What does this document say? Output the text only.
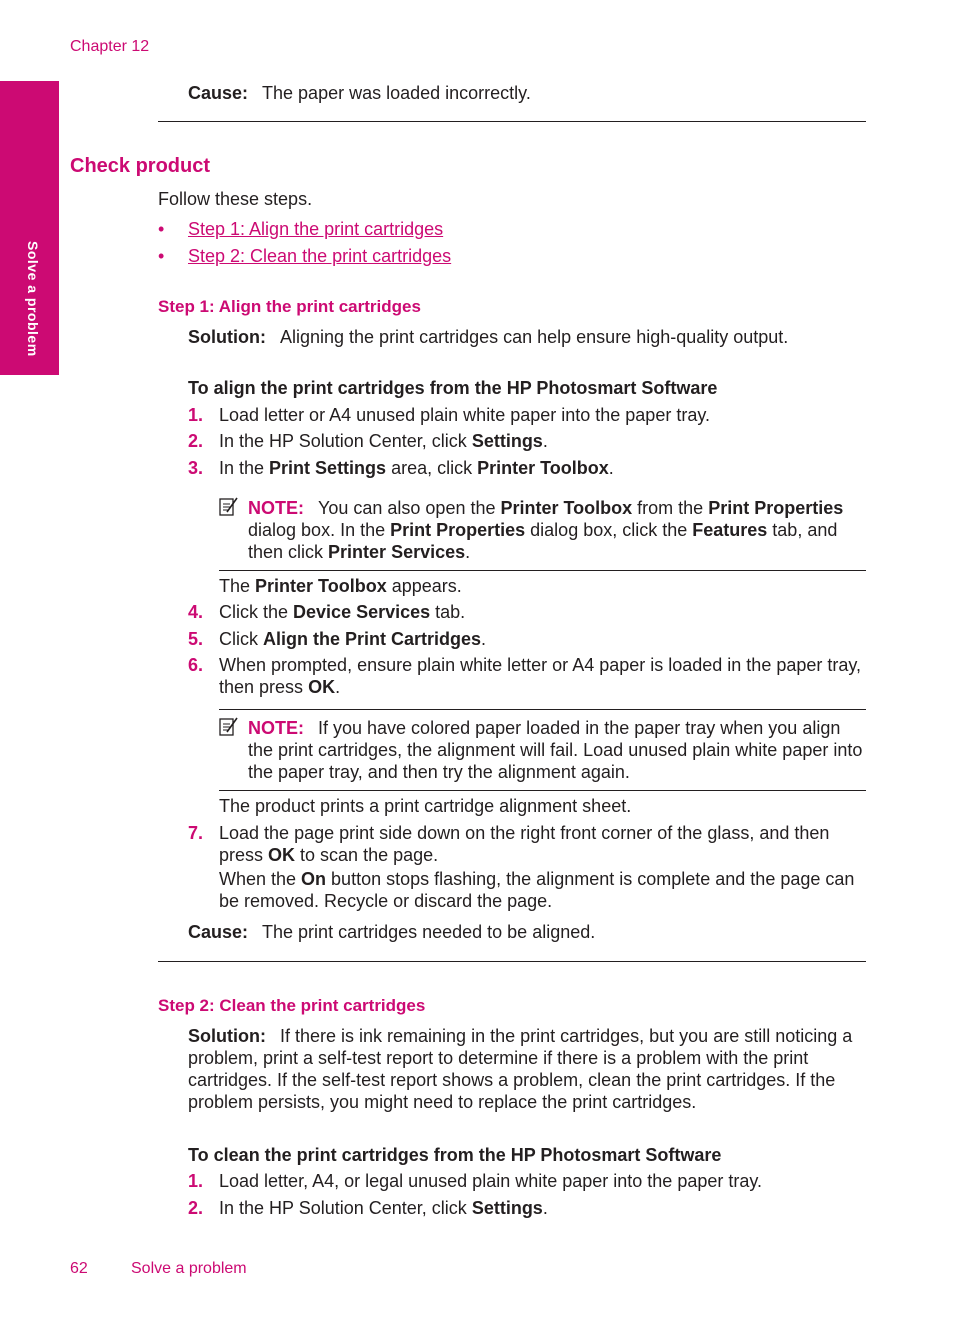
Chapter 12
Solve a problem
Cause: The paper was loaded incorrectly.
Check product
Follow these steps.
• Step 1: Align the print cartridges
• Step 2: Clean the print cartridges
Step 1: Align the print cartridges
Solution: Aligning the print cartridges can help ensure high-quality output.
To align the print cartridges from the HP Photosmart Software
1. Load letter or A4 unused plain white paper into the paper tray.
2. In the HP Solution Center, click Settings.
3. In the Print Settings area, click Printer Toolbox.
NOTE: You can also open the Printer Toolbox from the Print Properties dialog box. In the Print Properties dialog box, click the Features tab, and then click Printer Services.
The Printer Toolbox appears.
4. Click the Device Services tab.
5. Click Align the Print Cartridges.
6. When prompted, ensure plain white letter or A4 paper is loaded in the paper tray, then press OK.
NOTE: If you have colored paper loaded in the paper tray when you align the print cartridges, the alignment will fail. Load unused plain white paper into the paper tray, and then try the alignment again.
The product prints a print cartridge alignment sheet.
7. Load the page print side down on the right front corner of the glass, and then press OK to scan the page.
When the On button stops flashing, the alignment is complete and the page can be removed. Recycle or discard the page.
Cause: The print cartridges needed to be aligned.
Step 2: Clean the print cartridges
Solution: If there is ink remaining in the print cartridges, but you are still noticing a problem, print a self-test report to determine if there is a problem with the print cartridges. If the self-test report shows a problem, clean the print cartridges. If the problem persists, you might need to replace the print cartridges.
To clean the print cartridges from the HP Photosmart Software
1. Load letter, A4, or legal unused plain white paper into the paper tray.
2. In the HP Solution Center, click Settings.
62	Solve a problem
